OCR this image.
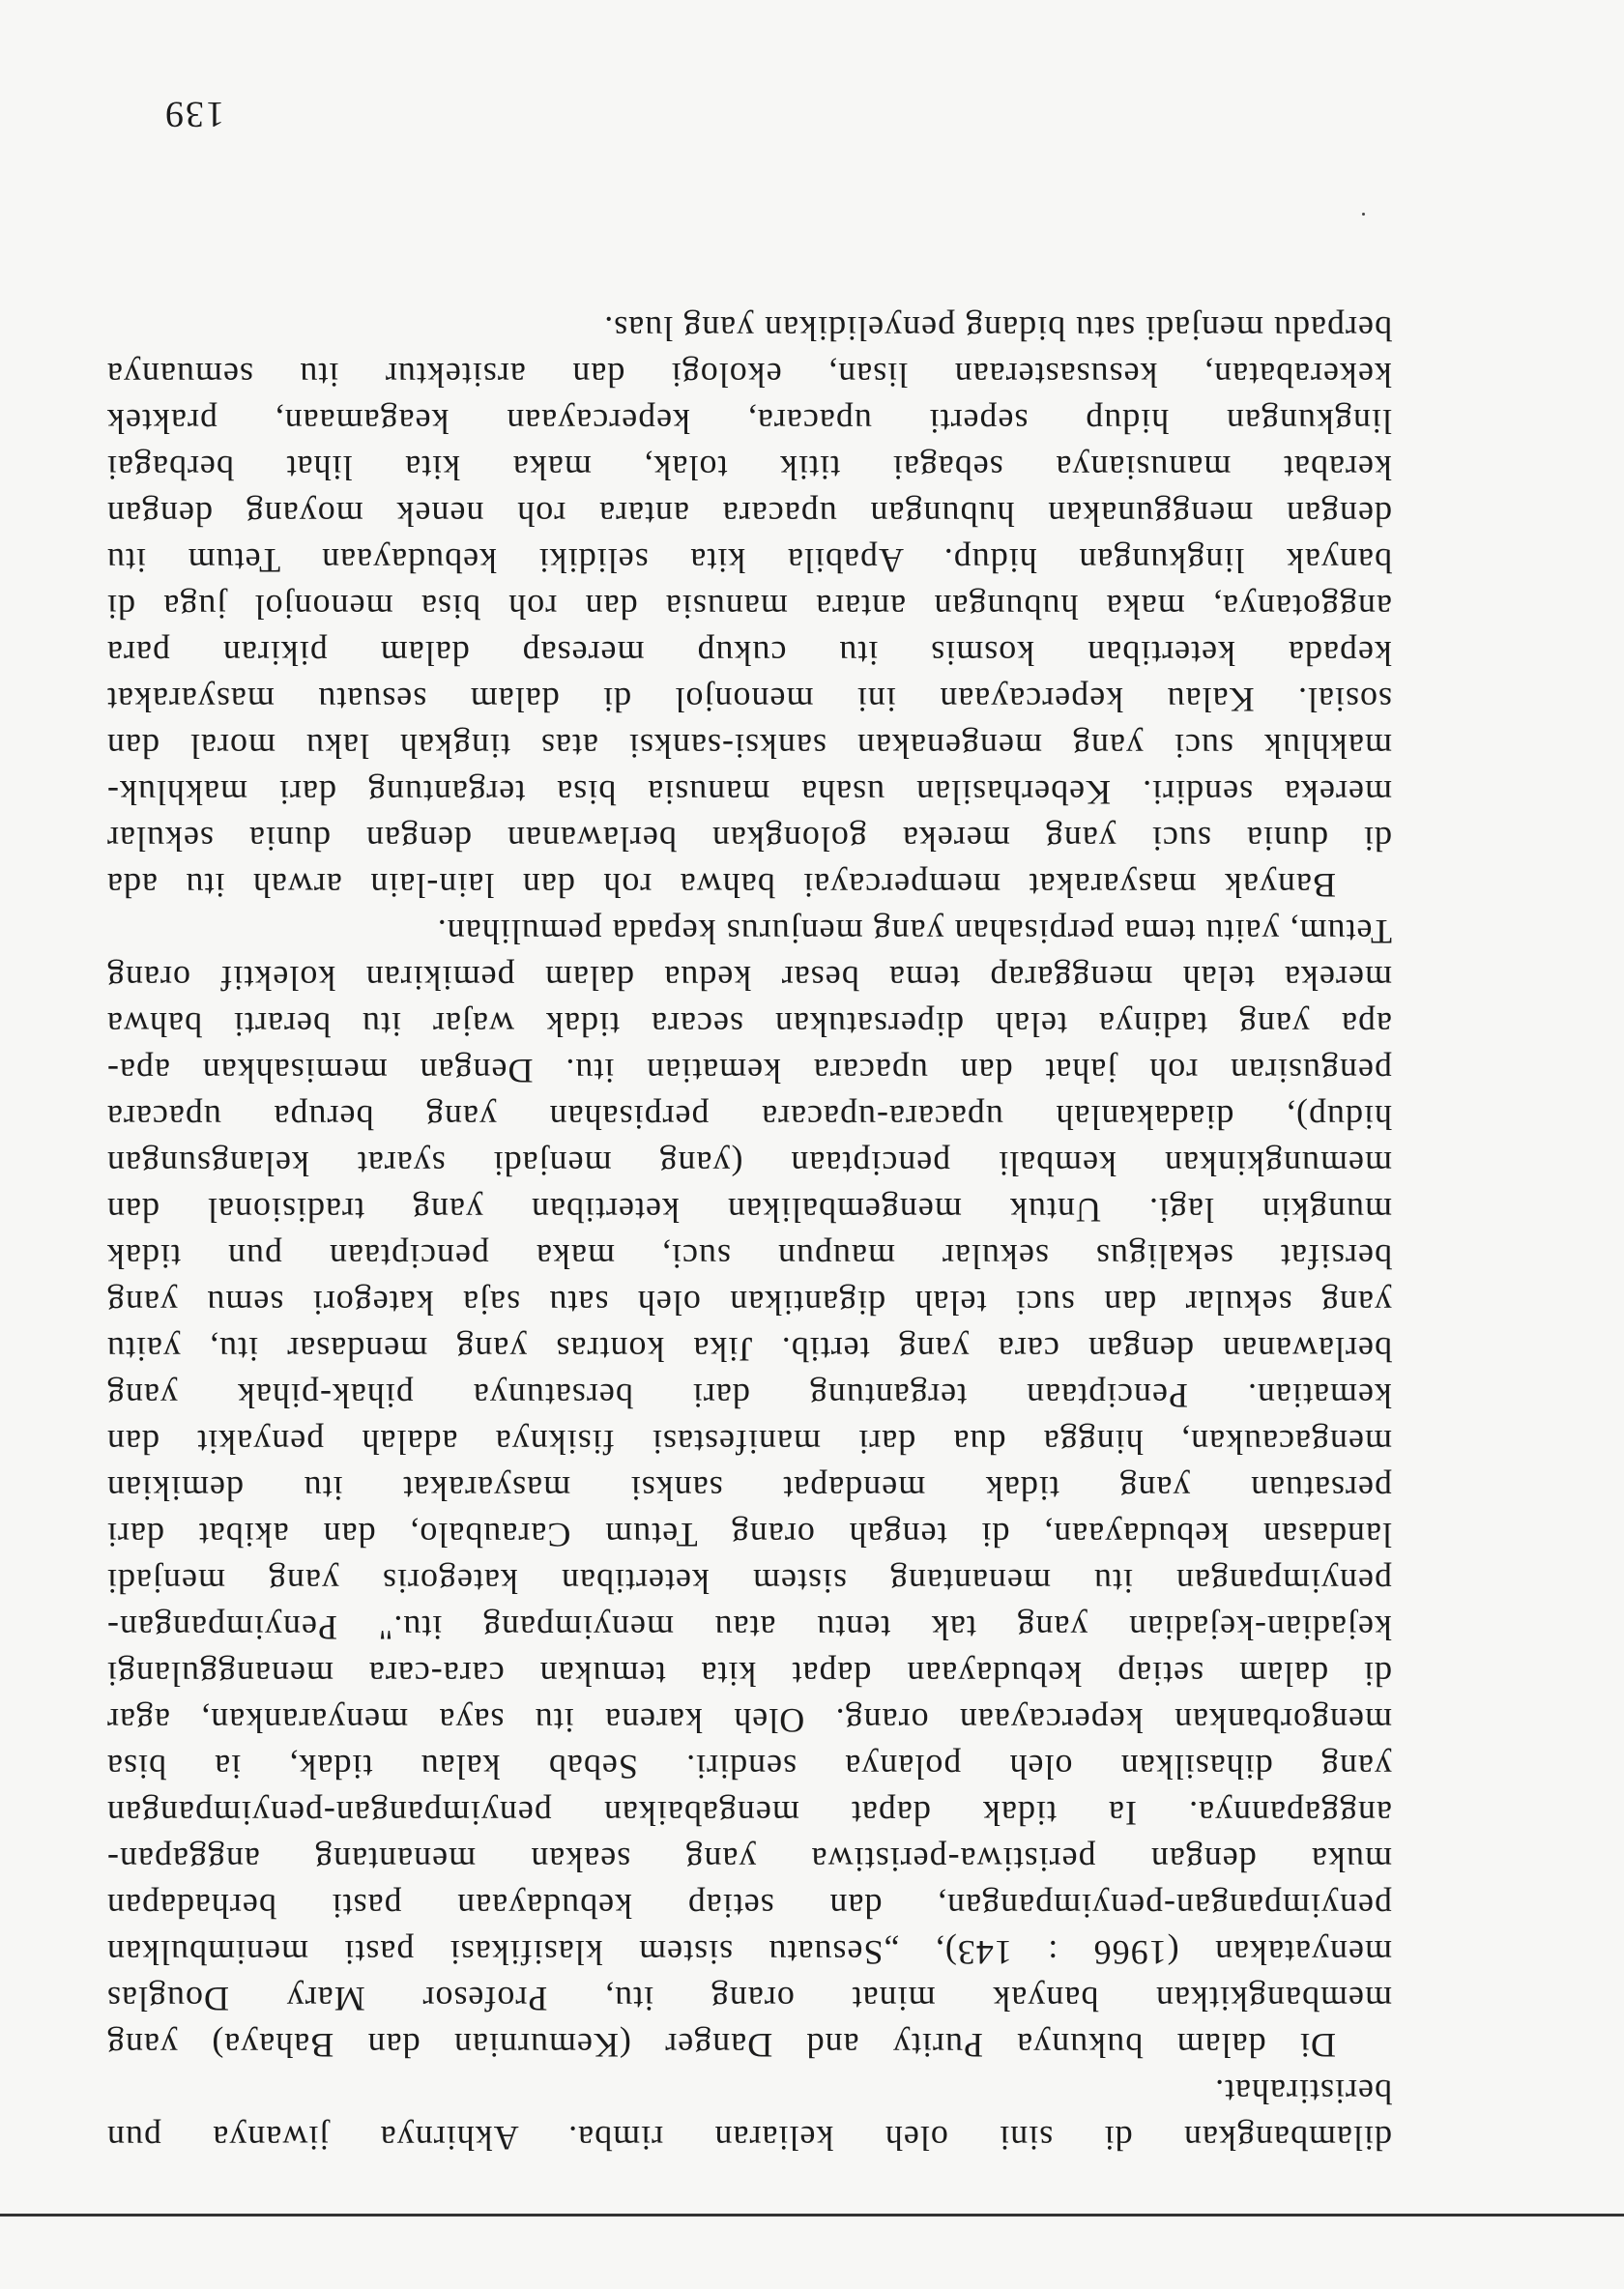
dilambangkan di sini oleh keliaran rimba. Akhirnya jiwanya pun
beristirahat.
Di dalam bukunya Purity and Danger (Kemurnian dan Bahaya) yang
membangkitkan banyak minat orang itu, Profesor Mary Douglas
menyatakan (1966 : 143), „Sesuatu sistem klasifikasi pasti menimbulkan
penyimpangan-penyimpangan, dan setiap kebudayaan pasti berhadapan
muka dengan peristiwa-peristiwa yang seakan menantang anggapan-
anggapannya. Ia tidak dapat mengabaikan penyimpangan-penyimpangan
yang dihasilkan oleh polanya sendiri. Sebab kalau tidak, ia bisa
mengorbankan kepercayaan orang. Oleh karena itu saya menyarankan, agar
di dalam setiap kebudayaan dapat kita temukan cara-cara menanggulangi
kejadian-kejadian yang tak tentu atau menyimpang itu." Penyimpangan-
penyimpangan itu menantang sistem ketertiban kategoris yang menjadi
landasan kebudayaan, di tengah orang Tetum Caraubalo, dan akibat dari
persatuan yang tidak mendapat sanksi masyarakat itu demikian
mengacaukan, hingga dua dari manifestasi fisiknya adalah penyakit dan
kematian. Penciptaan tergantung dari bersatunya pihak-pihak yang
berlawanan dengan cara yang tertib. Jika kontras yang mendasar itu, yaitu
yang sekular dan suci telah digantikan oleh satu saja kategori semu yang
bersifat sekaligus sekular maupun suci, maka penciptaan pun tidak
mungkin lagi. Untuk mengembalikan ketertiban yang tradisional dan
memungkinkan kembali penciptaan (yang menjadi syarat kelangsungan
hidup), diadakanlah upacara-upacara perpisahan yang berupa upacara
pengusiran roh jahat dan upacara kematian itu. Dengan memisahkan apa-
apa yang tadinya telah dipersatukan secara tidak wajar itu berarti bahwa
mereka telah menggarap tema besar kedua dalam pemikiran kolektif orang
Tetum, yaitu tema perpisahan yang menjurus kepada pemulihan.
Banyak masyarakat mempercayai bahwa roh dan lain-lain arwah itu ada
di dunia suci yang mereka golongkan berlawanan dengan dunia sekular
mereka sendiri. Keberhasilan usaha manusia bisa tergantung dari makhluk-
makhluk suci yang mengenakan sanksi-sanksi atas tingkah laku moral dan
sosial. Kalau kepercayaan ini menonjol di dalam sesuatu masyarakat
kepada ketertiban kosmis itu cukup meresap dalam pikiran para
anggotanya, maka hubungan antara manusia dan roh bisa menonjol juga di
banyak lingkungan hidup. Apabila kita selidiki kebudayaan Tetum itu
dengan menggunakan hubungan upacara antara roh nenek moyang dengan
kerabat manusianya sebagai titik tolak, maka kita lihat berbagai
lingkungan hidup seperti upacara, kepercayaan keagamaan, praktek
kekerabatan, kesusasteraan lisan, ekologi dan arsitektur itu semuanya
berpadu menjadi satu bidang penyelidikan yang luas.
139
